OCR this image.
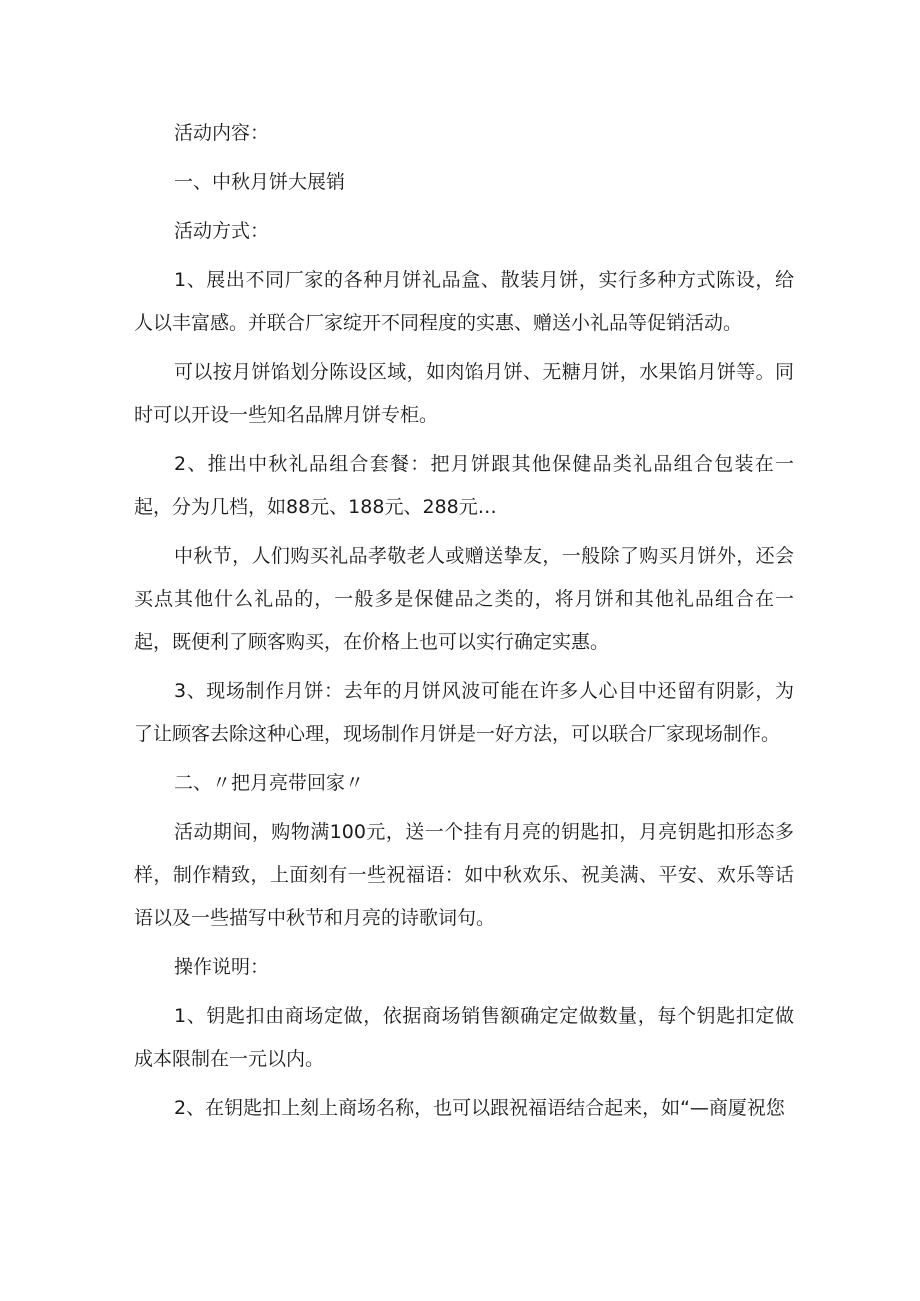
活动内容：

一、中秋月饼大展销

活动方式：

1、展出不同厂家的各种月饼礼品盒、散装月饼，实行多种方式陈设，给人以丰富感。并联合厂家绽开不同程度的实惠、赠送小礼品等促销活动。

可以按月饼馅划分陈设区域，如肉馅月饼、无糖月饼，水果馅月饼等。同时可以开设一些知名品牌月饼专柜。

2、推出中秋礼品组合套餐：把月饼跟其他保健品类礼品组合包装在一起，分为几档，如88元、188元、288元…

中秋节，人们购买礼品孝敬老人或赠送挚友，一般除了购买月饼外，还会买点其他什么礼品的，一般多是保健品之类的，将月饼和其他礼品组合在一起，既便利了顾客购买，在价格上也可以实行确定实惠。

3、现场制作月饼：去年的月饼风波可能在许多人心目中还留有阴影，为了让顾客去除这种心理，现场制作月饼是一好方法，可以联合厂家现场制作。

二、〃把月亮带回家〃

活动期间，购物满100元，送一个挂有月亮的钥匙扣，月亮钥匙扣形态多样，制作精致，上面刻有一些祝福语：如中秋欢乐、祝美满、平安、欢乐等话语以及一些描写中秋节和月亮的诗歌词句。

操作说明：

1、钥匙扣由商场定做，依据商场销售额确定定做数量，每个钥匙扣定做成本限制在一元以内。

2、在钥匙扣上刻上商场名称，也可以跟祝福语结合起来，如“—商厦祝您
